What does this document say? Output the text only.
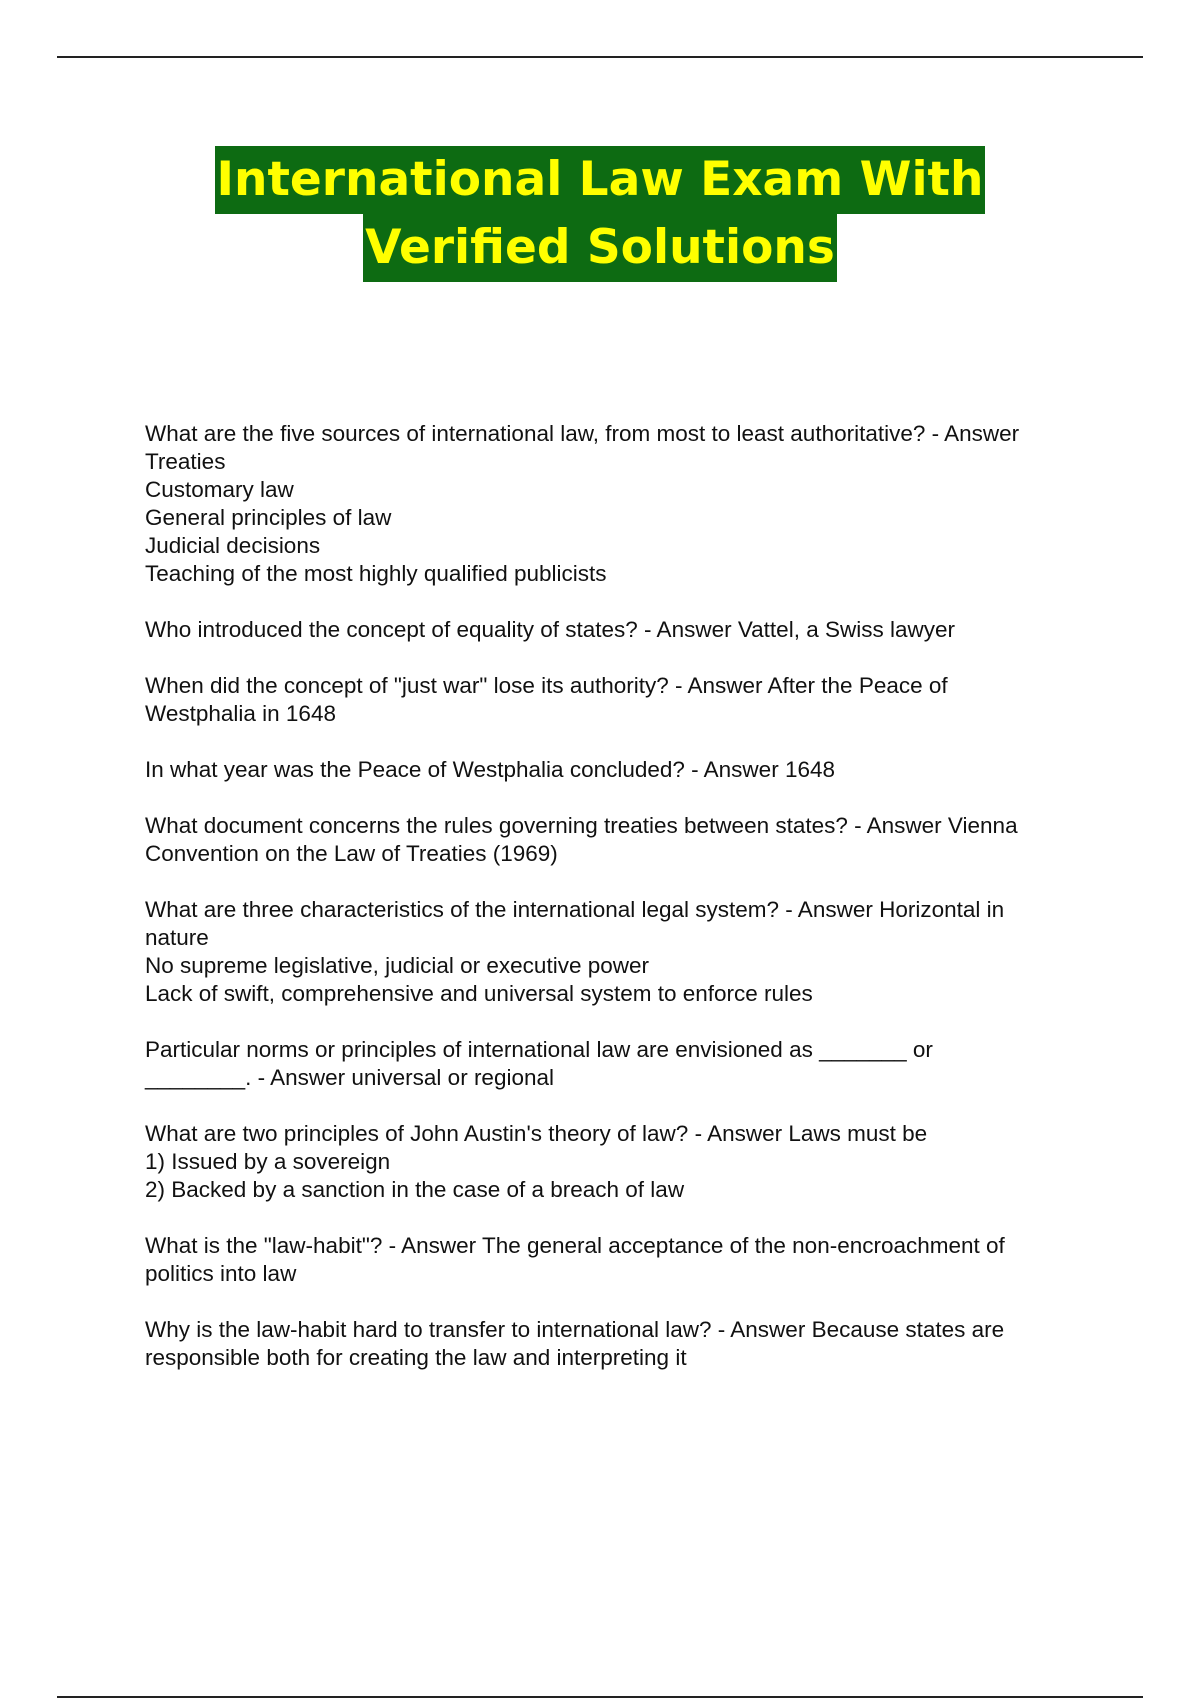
International Law Exam With
Verified Solutions
What are the five sources of international law, from most to least authoritative? - Answer
Treaties
Customary law
General principles of law
Judicial decisions
Teaching of the most highly qualified publicists
Who introduced the concept of equality of states? - Answer Vattel, a Swiss lawyer
When did the concept of "just war" lose its authority? - Answer After the Peace of
Westphalia in 1648
In what year was the Peace of Westphalia concluded? - Answer 1648
What document concerns the rules governing treaties between states? - Answer Vienna
Convention on the Law of Treaties (1969)
What are three characteristics of the international legal system? - Answer Horizontal in
nature
No supreme legislative, judicial or executive power
Lack of swift, comprehensive and universal system to enforce rules
Particular norms or principles of international law are envisioned as _______ or
________. - Answer universal or regional
What are two principles of John Austin's theory of law? - Answer Laws must be
1) Issued by a sovereign
2) Backed by a sanction in the case of a breach of law
What is the "law-habit"? - Answer The general acceptance of the non-encroachment of
politics into law
Why is the law-habit hard to transfer to international law? - Answer Because states are
responsible both for creating the law and interpreting it
